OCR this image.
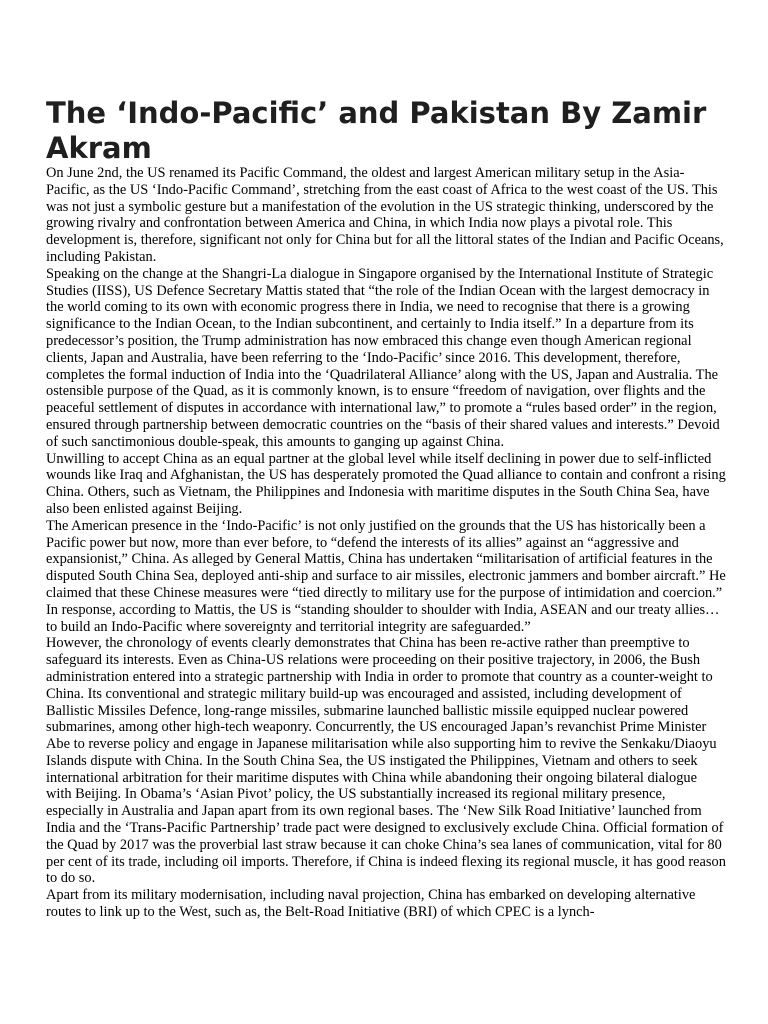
The ‘Indo-Pacific’ and Pakistan By Zamir Akram

On June 2nd, the US renamed its Pacific Command, the oldest and largest American military setup in the Asia-Pacific, as the US ‘Indo-Pacific Command’, stretching from the east coast of Africa to the west coast of the US. This was not just a symbolic gesture but a manifestation of the evolution in the US strategic thinking, underscored by the growing rivalry and confrontation between America and China, in which India now plays a pivotal role. This development is, therefore, significant not only for China but for all the littoral states of the Indian and Pacific Oceans, including Pakistan.

Speaking on the change at the Shangri-La dialogue in Singapore organised by the International Institute of Strategic Studies (IISS), US Defence Secretary Mattis stated that “the role of the Indian Ocean with the largest democracy in the world coming to its own with economic progress there in India, we need to recognise that there is a growing significance to the Indian Ocean, to the Indian subcontinent, and certainly to India itself.” In a departure from its predecessor’s position, the Trump administration has now embraced this change even though American regional clients, Japan and Australia, have been referring to the ‘Indo-Pacific’ since 2016. This development, therefore, completes the formal induction of India into the ‘Quadrilateral Alliance’ along with the US, Japan and Australia. The ostensible purpose of the Quad, as it is commonly known, is to ensure “freedom of navigation, over flights and the peaceful settlement of disputes in accordance with international law,” to promote a “rules based order” in the region, ensured through partnership between democratic countries on the “basis of their shared values and interests.” Devoid of such sanctimonious double-speak, this amounts to ganging up against China.

Unwilling to accept China as an equal partner at the global level while itself declining in power due to self-inflicted wounds like Iraq and Afghanistan, the US has desperately promoted the Quad alliance to contain and confront a rising China. Others, such as Vietnam, the Philippines and Indonesia with maritime disputes in the South China Sea, have also been enlisted against Beijing.

The American presence in the ‘Indo-Pacific’ is not only justified on the grounds that the US has historically been a Pacific power but now, more than ever before, to “defend the interests of its allies” against an “aggressive and expansionist,” China. As alleged by General Mattis, China has undertaken “militarisation of artificial features in the disputed South China Sea, deployed anti-ship and surface to air missiles, electronic jammers and bomber aircraft.” He claimed that these Chinese measures were “tied directly to military use for the purpose of intimidation and coercion.” In response, according to Mattis, the US is “standing shoulder to shoulder with India, ASEAN and our treaty allies… to build an Indo-Pacific where sovereignty and territorial integrity are safeguarded.”

However, the chronology of events clearly demonstrates that China has been re-active rather than preemptive to safeguard its interests. Even as China-US relations were proceeding on their positive trajectory, in 2006, the Bush administration entered into a strategic partnership with India in order to promote that country as a counter-weight to China. Its conventional and strategic military build-up was encouraged and assisted, including development of Ballistic Missiles Defence, long-range missiles, submarine launched ballistic missile equipped nuclear powered submarines, among other high-tech weaponry. Concurrently, the US encouraged Japan’s revanchist Prime Minister Abe to reverse policy and engage in Japanese militarisation while also supporting him to revive the Senkaku/Diaoyu Islands dispute with China. In the South China Sea, the US instigated the Philippines, Vietnam and others to seek international arbitration for their maritime disputes with China while abandoning their ongoing bilateral dialogue with Beijing. In Obama’s ‘Asian Pivot’ policy, the US substantially increased its regional military presence, especially in Australia and Japan apart from its own regional bases. The ‘New Silk Road Initiative’ launched from India and the ‘Trans-Pacific Partnership’ trade pact were designed to exclusively exclude China. Official formation of the Quad by 2017 was the proverbial last straw because it can choke China’s sea lanes of communication, vital for 80 per cent of its trade, including oil imports. Therefore, if China is indeed flexing its regional muscle, it has good reason to do so.

Apart from its military modernisation, including naval projection, China has embarked on developing alternative routes to link up to the West, such as, the Belt-Road Initiative (BRI) of which CPEC is a lynch-
